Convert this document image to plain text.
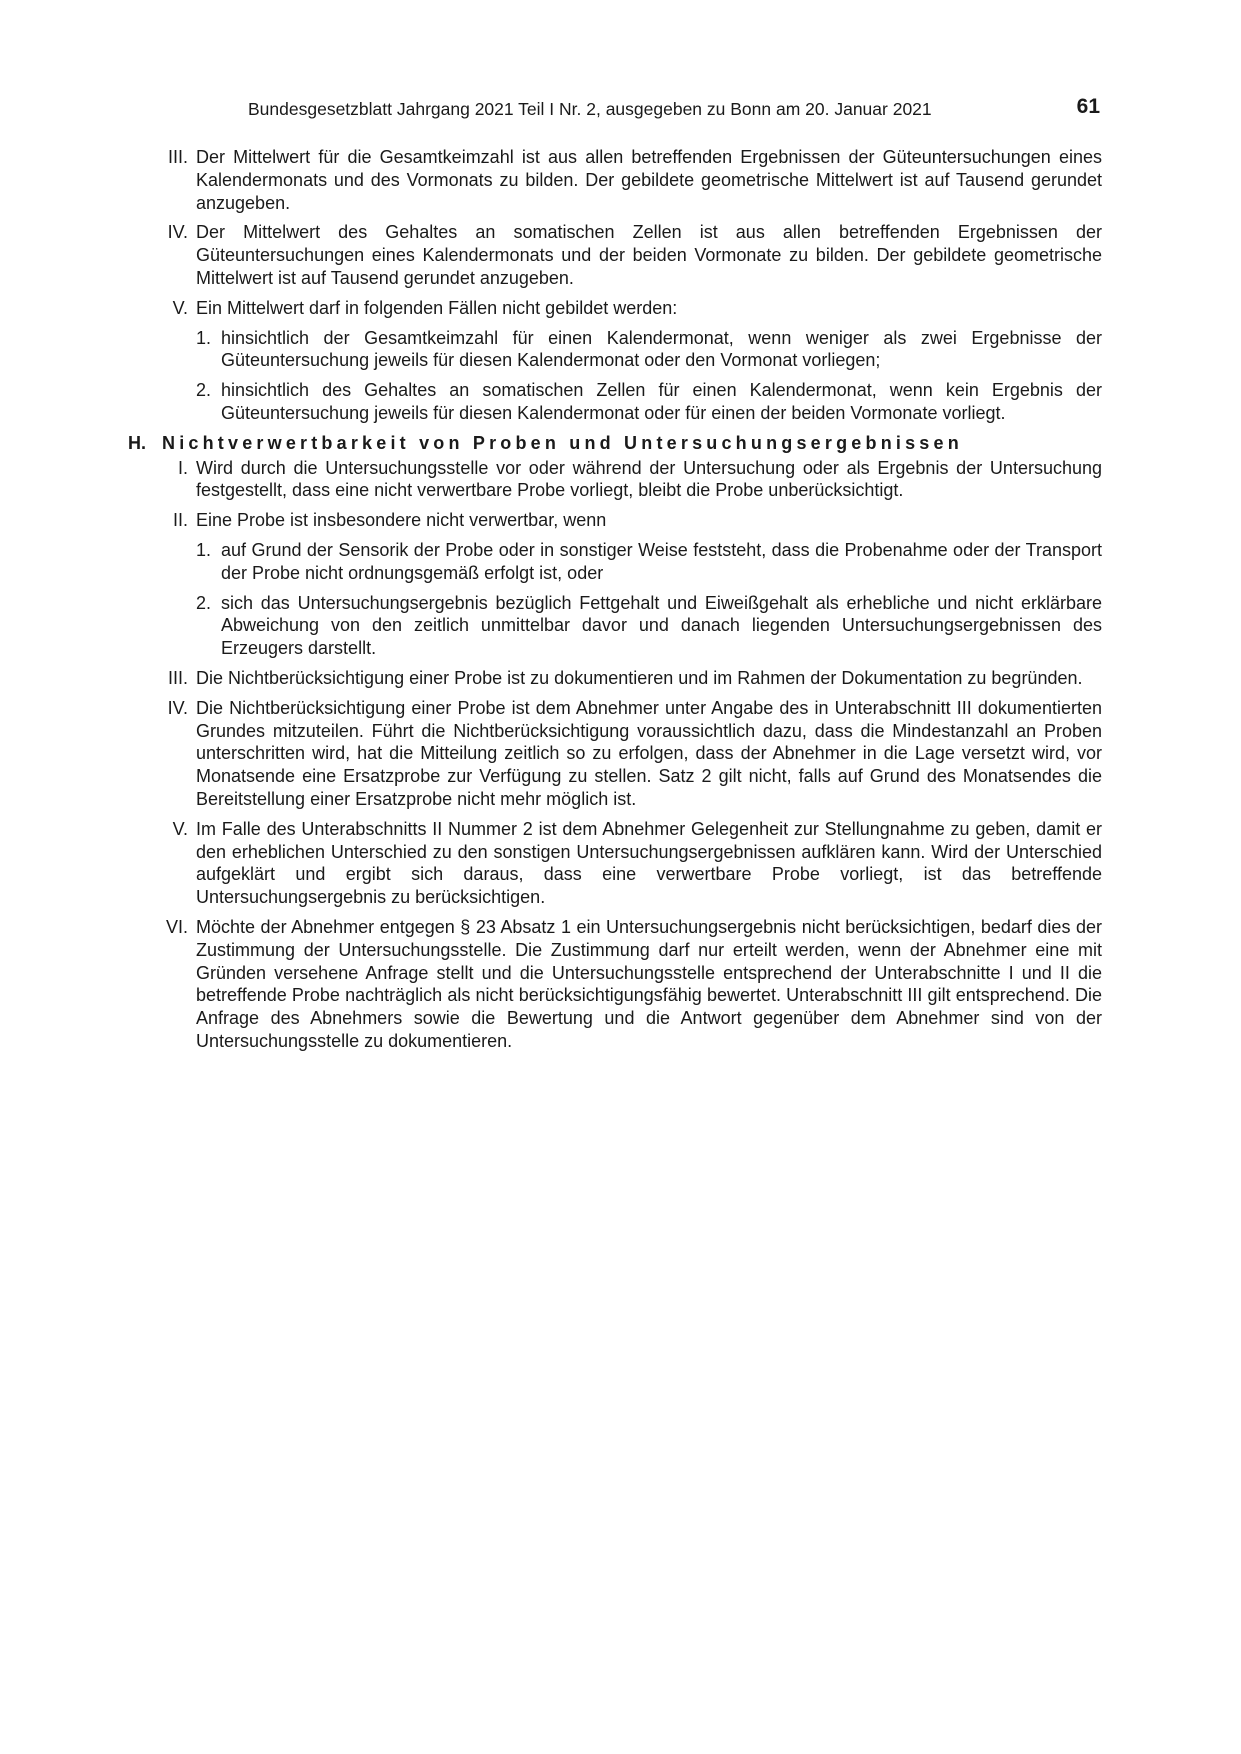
Bundesgesetzblatt Jahrgang 2021 Teil I Nr. 2, ausgegeben zu Bonn am 20. Januar 2021	61
III. Der Mittelwert für die Gesamtkeimzahl ist aus allen betreffenden Ergebnissen der Güteuntersuchungen eines Kalendermonats und des Vormonats zu bilden. Der gebildete geometrische Mittelwert ist auf Tausend gerundet anzugeben.
IV. Der Mittelwert des Gehaltes an somatischen Zellen ist aus allen betreffenden Ergebnissen der Güteuntersuchungen eines Kalendermonats und der beiden Vormonate zu bilden. Der gebildete geometrische Mittelwert ist auf Tausend gerundet anzugeben.
V. Ein Mittelwert darf in folgenden Fällen nicht gebildet werden:
1. hinsichtlich der Gesamtkeimzahl für einen Kalendermonat, wenn weniger als zwei Ergebnisse der Güteuntersuchung jeweils für diesen Kalendermonat oder den Vormonat vorliegen;
2. hinsichtlich des Gehaltes an somatischen Zellen für einen Kalendermonat, wenn kein Ergebnis der Güteuntersuchung jeweils für diesen Kalendermonat oder für einen der beiden Vormonate vorliegt.
H. Nichtverwertbarkeit von Proben und Untersuchungsergebnissen
I. Wird durch die Untersuchungsstelle vor oder während der Untersuchung oder als Ergebnis der Untersuchung festgestellt, dass eine nicht verwertbare Probe vorliegt, bleibt die Probe unberücksichtigt.
II. Eine Probe ist insbesondere nicht verwertbar, wenn
1. auf Grund der Sensorik der Probe oder in sonstiger Weise feststeht, dass die Probenahme oder der Transport der Probe nicht ordnungsgemäß erfolgt ist, oder
2. sich das Untersuchungsergebnis bezüglich Fettgehalt und Eiweißgehalt als erhebliche und nicht erklärbare Abweichung von den zeitlich unmittelbar davor und danach liegenden Untersuchungsergebnissen des Erzeugers darstellt.
III. Die Nichtberücksichtigung einer Probe ist zu dokumentieren und im Rahmen der Dokumentation zu begründen.
IV. Die Nichtberücksichtigung einer Probe ist dem Abnehmer unter Angabe des in Unterabschnitt III dokumentierten Grundes mitzuteilen. Führt die Nichtberücksichtigung voraussichtlich dazu, dass die Mindestanzahl an Proben unterschritten wird, hat die Mitteilung zeitlich so zu erfolgen, dass der Abnehmer in die Lage versetzt wird, vor Monatsende eine Ersatzprobe zur Verfügung zu stellen. Satz 2 gilt nicht, falls auf Grund des Monatsendes die Bereitstellung einer Ersatzprobe nicht mehr möglich ist.
V. Im Falle des Unterabschnitts II Nummer 2 ist dem Abnehmer Gelegenheit zur Stellungnahme zu geben, damit er den erheblichen Unterschied zu den sonstigen Untersuchungsergebnissen aufklären kann. Wird der Unterschied aufgeklärt und ergibt sich daraus, dass eine verwertbare Probe vorliegt, ist das betreffende Untersuchungsergebnis zu berücksichtigen.
VI. Möchte der Abnehmer entgegen § 23 Absatz 1 ein Untersuchungsergebnis nicht berücksichtigen, bedarf dies der Zustimmung der Untersuchungsstelle. Die Zustimmung darf nur erteilt werden, wenn der Abnehmer eine mit Gründen versehene Anfrage stellt und die Untersuchungsstelle entsprechend der Unterabschnitte I und II die betreffende Probe nachträglich als nicht berücksichtigungsfähig bewertet. Unterabschnitt III gilt entsprechend. Die Anfrage des Abnehmers sowie die Bewertung und die Antwort gegenüber dem Abnehmer sind von der Untersuchungsstelle zu dokumentieren.
